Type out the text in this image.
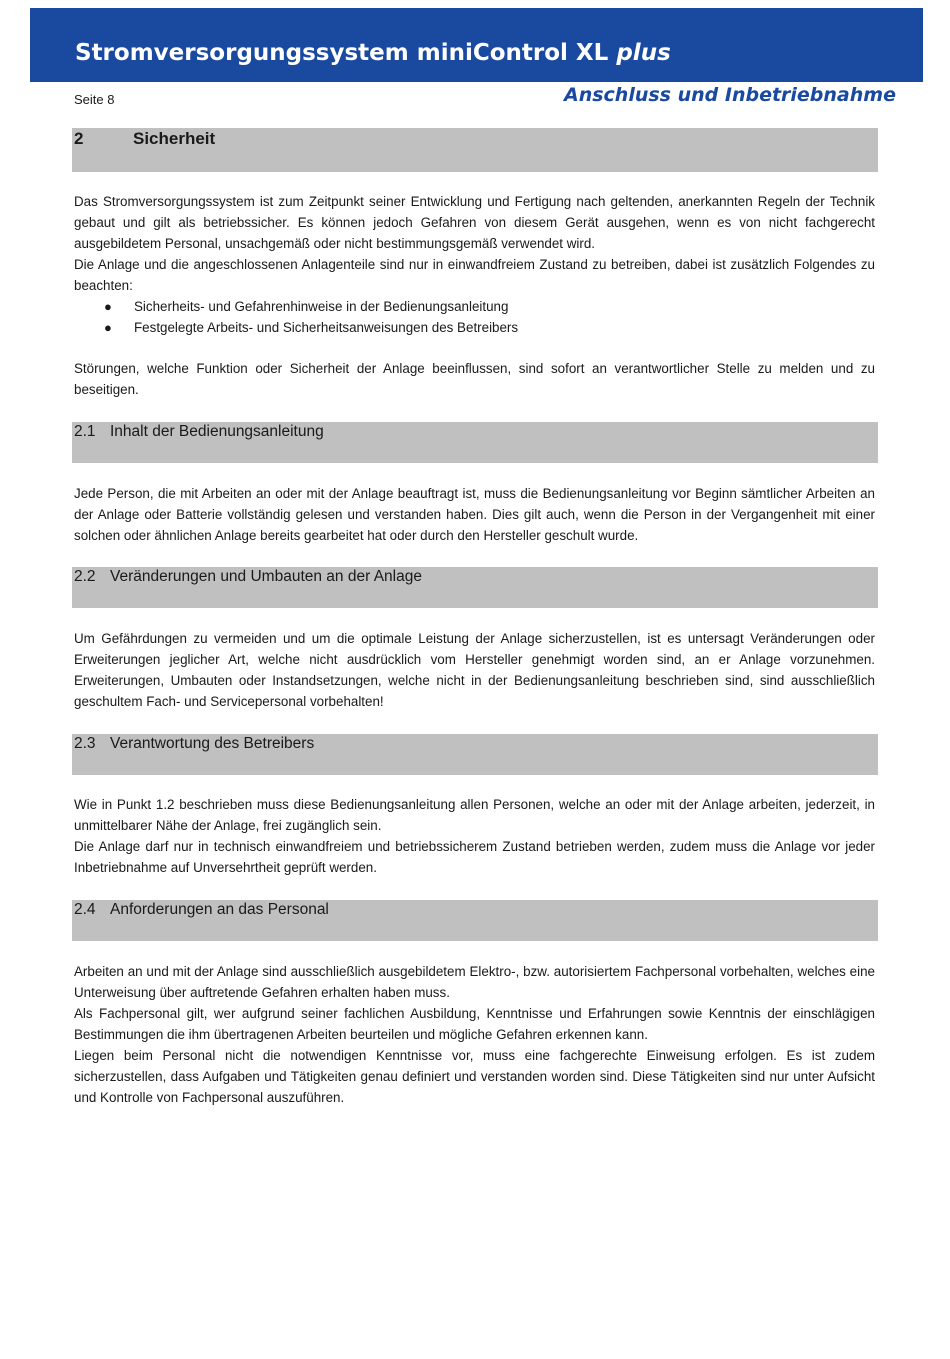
Stromversorgungssystem miniControl XL plus
Seite 8	Anschluss und Inbetriebnahme
2	Sicherheit

Das Stromversorgungssystem ist zum Zeitpunkt seiner Entwicklung und Fertigung nach geltenden, anerkannten Regeln der Technik gebaut und gilt als betriebssicher. Es können jedoch Gefahren von diesem Gerät ausgehen, wenn es von nicht fachgerecht ausgebildetem Personal, unsachgemäß oder nicht bestimmungsgemäß verwendet wird.

Die Anlage und die angeschlossenen Anlagenteile sind nur in einwandfreiem Zustand zu betreiben, dabei ist zusätzlich Folgendes zu beachten:

● Sicherheits- und Gefahrenhinweise in der Bedienungsanleitung
● Festgelegte Arbeits- und Sicherheitsanweisungen des Betreibers

Störungen, welche Funktion oder Sicherheit der Anlage beeinflussen, sind sofort an verantwortlicher Stelle zu melden und zu beseitigen.

2.1 Inhalt der Bedienungsanleitung

Jede Person, die mit Arbeiten an oder mit der Anlage beauftragt ist, muss die Bedienungsanleitung vor Beginn sämtlicher Arbeiten an der Anlage oder Batterie vollständig gelesen und verstanden haben. Dies gilt auch, wenn die Person in der Vergangenheit mit einer solchen oder ähnlichen Anlage bereits gearbeitet hat oder durch den Hersteller geschult wurde.

2.2 Veränderungen und Umbauten an der Anlage

Um Gefährdungen zu vermeiden und um die optimale Leistung der Anlage sicherzustellen, ist es untersagt Veränderungen oder Erweiterungen jeglicher Art, welche nicht ausdrücklich vom Hersteller genehmigt worden sind, an er Anlage vorzunehmen. Erweiterungen, Umbauten oder Instandsetzungen, welche nicht in der Bedienungsanleitung beschrieben sind, sind ausschließlich geschultem Fach- und Servicepersonal vorbehalten!

2.3 Verantwortung des Betreibers

Wie in Punkt 1.2 beschrieben muss diese Bedienungsanleitung allen Personen, welche an oder mit der Anlage arbeiten, jederzeit, in unmittelbarer Nähe der Anlage, frei zugänglich sein.

Die Anlage darf nur in technisch einwandfreiem und betriebssicherem Zustand betrieben werden, zudem muss die Anlage vor jeder Inbetriebnahme auf Unversehrtheit geprüft werden.

2.4 Anforderungen an das Personal

Arbeiten an und mit der Anlage sind ausschließlich ausgebildetem Elektro-, bzw. autorisiertem Fachpersonal vorbehalten, welches eine Unterweisung über auftretende Gefahren erhalten haben muss.

Als Fachpersonal gilt, wer aufgrund seiner fachlichen Ausbildung, Kenntnisse und Erfahrungen sowie Kenntnis der einschlägigen Bestimmungen die ihm übertragenen Arbeiten beurteilen und mögliche Gefahren erkennen kann.

Liegen beim Personal nicht die notwendigen Kenntnisse vor, muss eine fachgerechte Einweisung erfolgen. Es ist zudem sicherzustellen, dass Aufgaben und Tätigkeiten genau definiert und verstanden worden sind. Diese Tätigkeiten sind nur unter Aufsicht und Kontrolle von Fachpersonal auszuführen.
